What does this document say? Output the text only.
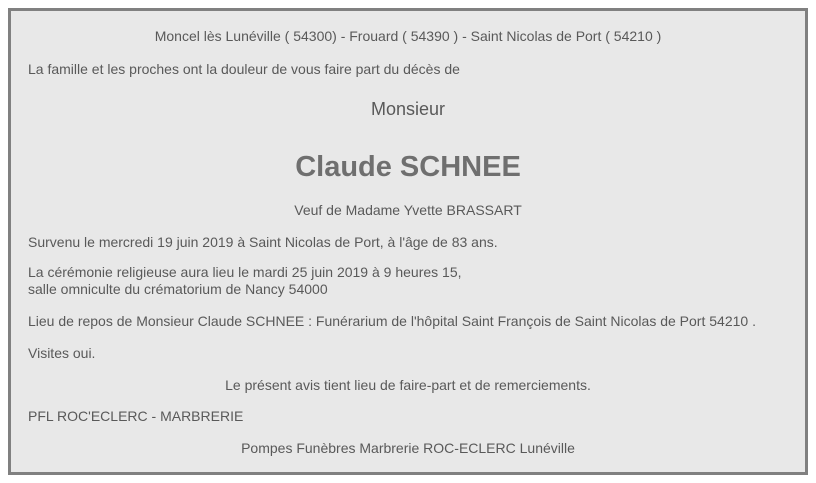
Moncel lès Lunéville ( 54300) - Frouard ( 54390 ) - Saint Nicolas de Port ( 54210 )

La famille et les proches ont la douleur de vous faire part du décès de

Monsieur

Claude SCHNEE

Veuf de Madame Yvette BRASSART

Survenu le mercredi 19 juin 2019 à Saint Nicolas de Port, à l'âge de 83 ans.

La cérémonie religieuse aura lieu le mardi 25 juin 2019 à 9 heures 15,
salle omniculte du crématorium de Nancy 54000

Lieu de repos de Monsieur Claude SCHNEE : Funérarium de l'hôpital Saint François de Saint Nicolas de Port 54210 .

Visites oui.

Le présent avis tient lieu de faire-part et de remerciements.

PFL ROC'ECLERC - MARBRERIE

Pompes Funèbres Marbrerie ROC-ECLERC Lunéville
